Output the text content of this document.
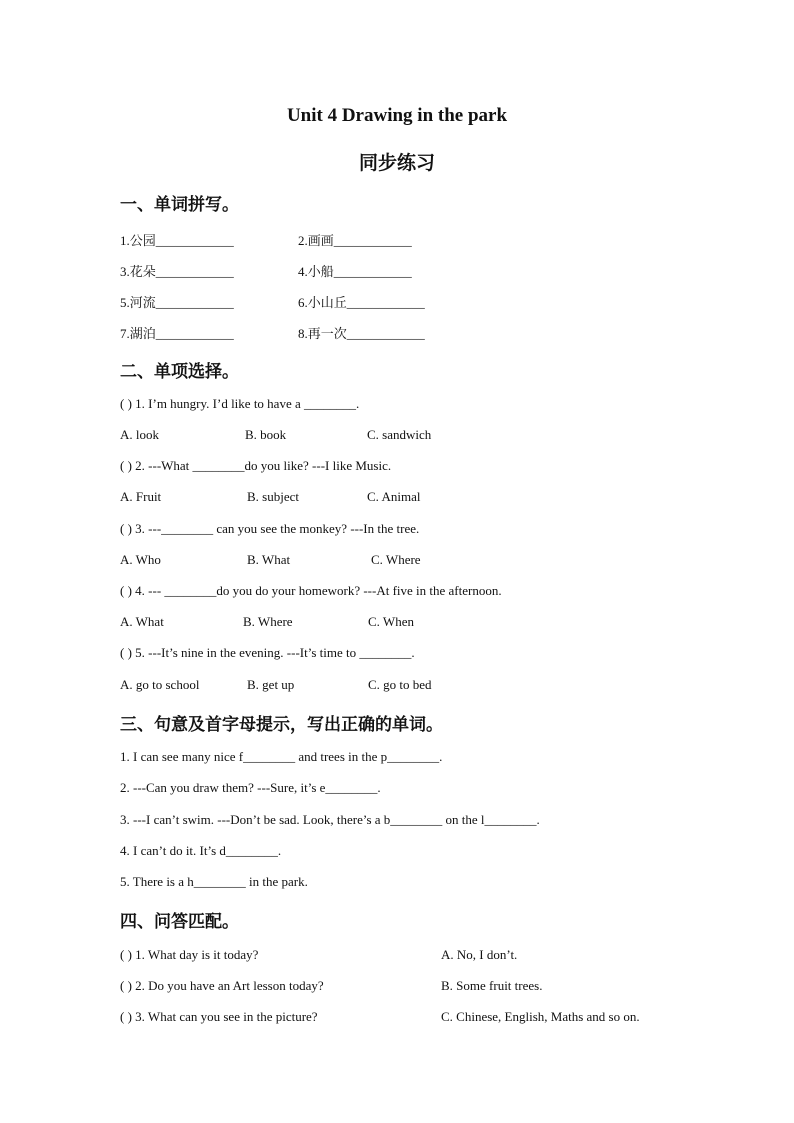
Unit 4 Drawing in the park
同步练习
一、单词拼写。
1.公园____________	2.画画____________
3.花朵____________	4.小船____________
5.河流____________	6.小山丘____________
7.湖泊____________	8.再一次____________
二、单项选择。
( ) 1. I’m hungry. I’d like to have a ________.
A. look	B. book	C. sandwich
( ) 2. ---What ________do you like? ---I like Music.
A. Fruit	B. subject	C. Animal
( ) 3. ---________ can you see the monkey? ---In the tree.
A. Who	B. What	C. Where
( ) 4. --- ________do you do your homework? ---At five in the afternoon.
A. What	B. Where	C. When
( ) 5. ---It’s nine in the evening. ---It’s time to ________.
A. go to school	B. get up	C. go to bed
三、句意及首字母提示，写出正确的单词。
1. I can see many nice f________ and trees in the p________.
2. ---Can you draw them? ---Sure, it’s e________.
3. ---I can’t swim. ---Don’t be sad. Look, there’s a b________ on the l________.
4. I can’t do it. It’s d________.
5. There is a h________ in the park.
四、问答匹配。
( ) 1. What day is it today?	A. No, I don’t.
( ) 2. Do you have an Art lesson today?	B. Some fruit trees.
( ) 3. What can you see in the picture?	C. Chinese, English, Maths and so on.
